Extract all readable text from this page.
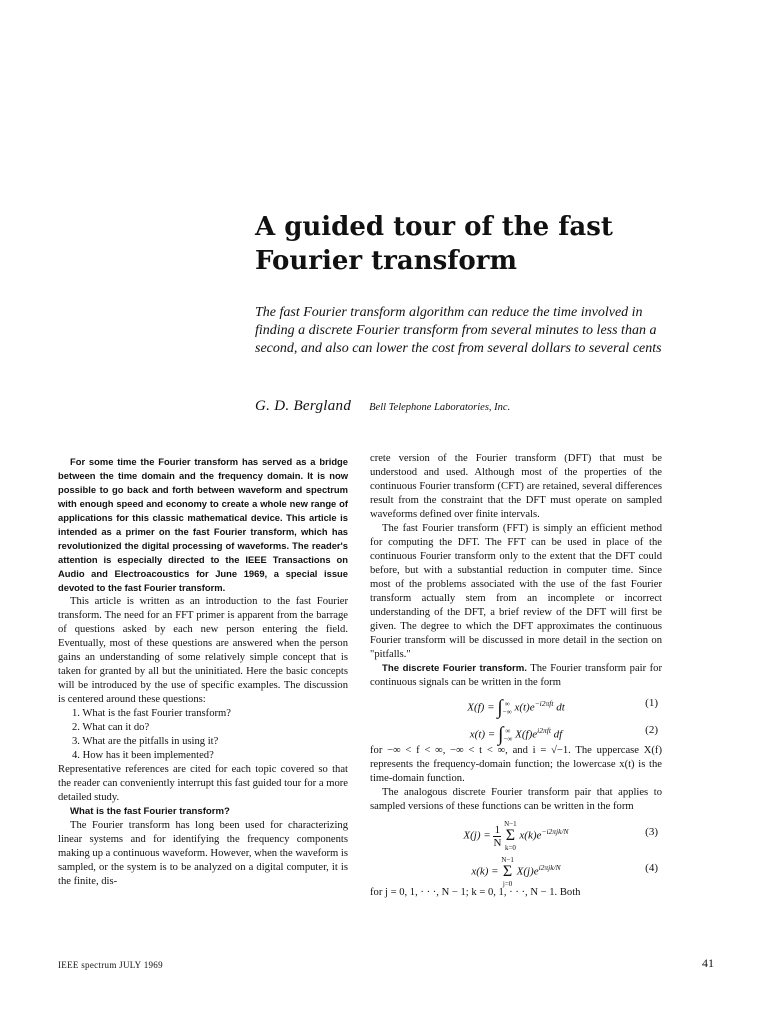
A guided tour of the fast
Fourier transform

The fast Fourier transform algorithm can reduce the time involved in finding a discrete Fourier transform from several minutes to less than a second, and also can lower the cost from several dollars to several cents

G. D. Bergland Bell Telephone Laboratories, Inc.

For some time the Fourier transform has served as a bridge between the time domain and the frequency domain. It is now possible to go back and forth between waveform and spectrum with enough speed and economy to create a whole new range of applications for this classic mathematical device. This article is intended as a primer on the fast Fourier transform, which has revolutionized the digital processing of waveforms. The reader's attention is especially directed to the IEEE Transactions on Audio and Electroacoustics for June 1969, a special issue devoted to the fast Fourier transform.

This article is written as an introduction to the fast Fourier transform. The need for an FFT primer is apparent from the barrage of questions asked by each new person entering the field. Eventually, most of these questions are answered when the person gains an understanding of some relatively simple concept that is taken for granted by all but the uninitiated. Here the basic concepts will be introduced by the use of specific examples. The discussion is centered around these questions:

1. What is the fast Fourier transform?
2. What can it do?
3. What are the pitfalls in using it?
4. How has it been implemented?

Representative references are cited for each topic covered so that the reader can conveniently interrupt this fast guided tour for a more detailed study.

What is the fast Fourier transform?

The Fourier transform has long been used for characterizing linear systems and for identifying the frequency components making up a continuous waveform. However, when the waveform is sampled, or the system is to be analyzed on a digital computer, it is the finite, dis-

crete version of the Fourier transform (DFT) that must be understood and used. Although most of the properties of the continuous Fourier transform (CFT) are retained, several differences result from the constraint that the DFT must operate on sampled waveforms defined over finite intervals.

The fast Fourier transform (FFT) is simply an efficient method for computing the DFT. The FFT can be used in place of the continuous Fourier transform only to the extent that the DFT could before, but with a substantial reduction in computer time. Since most of the problems associated with the use of the fast Fourier transform actually stem from an incomplete or incorrect understanding of the DFT, a brief review of the DFT will first be given. The degree to which the DFT approximates the continuous Fourier transform will be discussed in more detail in the section on "pitfalls."

The discrete Fourier transform. The Fourier transform pair for continuous signals can be written in the form

X(f) = ∫ ∞
−∞ $x(t)e^{-i2\pi ft}$ dt	(1)
x(t) = ∫ ∞
−∞ $X(f)e^{i2\pi ft}$ df	(2)

for −∞ < f < ∞, −∞ < t < ∞, and i = √−1. The uppercase X(f) represents the frequency-domain function; the lowercase x(t) is the time-domain function.

The analogous discrete Fourier transform pair that applies to sampled versions of these functions can be written in the form

X(j) = 1
N
N−1
Σ
k=0 $x(k)e^{-i2\pi jk/N}$	(3)
x(k) = N−1
Σ
j=0 $X(j)e^{i2\pi jk/N}$	(4)

for j = 0, 1, · · ·, N − 1; k = 0, 1, · · ·, N − 1. Both

IEEE spectrum JULY 1969	41
